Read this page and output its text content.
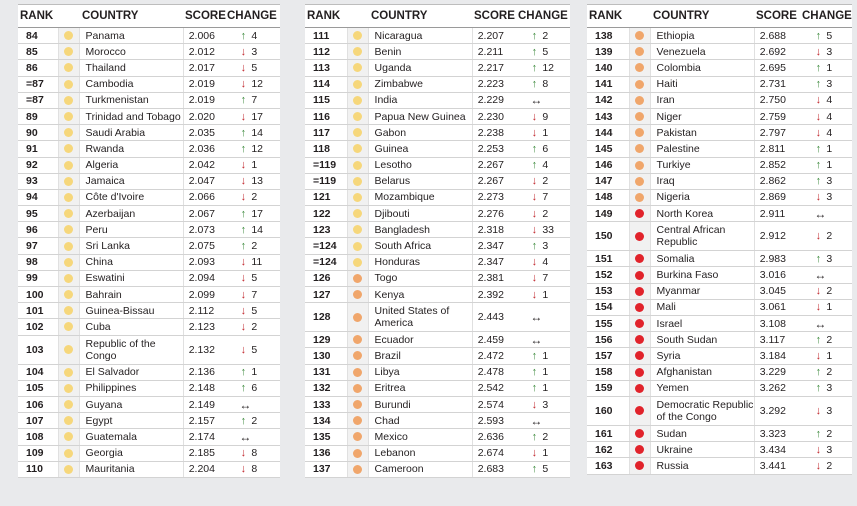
RANK	COUNTRY	SCORE CHANGE
84	Panama	2.006	↑ 4
85	Morocco	2.012	↓ 3
86	Thailand	2.017	↓ 5
=87	Cambodia	2.019	↓ 12
=87	Turkmenistan	2.019	↑ 7
89	Trinidad and Tobago 2.020	↓ 17
90	Saudi Arabia	2.035	↑ 14
91	Rwanda	2.036	↑ 12
92	Algeria	2.042	↓ 1
93	Jamaica	2.047	↓ 13
94	Côte d'Ivoire	2.066	↓ 2
95	Azerbaijan	2.067	↑ 17
96	Peru	2.073	↑ 14
97	Sri Lanka	2.075	↑ 2
98	China	2.093	↓ 11
99	Eswatini	2.094	↓ 5
100	Bahrain	2.099	↓ 7
101	Guinea-Bissau	2.112	↓ 5
102	Cuba	2.123	↓ 2
103	Republic of the Congo	2.132	↓ 5
104	El Salvador	2.136	↑ 1
105	Philippines	2.148	↑ 6
106	Guyana	2.149	↔
107	Egypt	2.157	↑ 2
108	Guatemala	2.174	↔
109	Georgia	2.185	↓ 8
110	Mauritania	2.204	↓ 8
RANK	COUNTRY	SCORE CHANGE
111	Nicaragua	2.207	↑ 2
112	Benin	2.211	↑ 5
113	Uganda	2.217	↑ 12
114	Zimbabwe	2.223	↑ 8
115	India	2.229	↔
116	Papua New Guinea	2.230	↓ 9
117	Gabon	2.238	↓ 1
118	Guinea	2.253	↑ 6
=119	Lesotho	2.267	↑ 4
=119	Belarus	2.267	↓ 2
121	Mozambique	2.273	↓ 7
122	Djibouti	2.276	↓ 2
123	Bangladesh	2.318	↓ 33
=124	South Africa	2.347	↑ 3
=124	Honduras	2.347	↓ 4
126	Togo	2.381	↓ 7
127	Kenya	2.392	↓ 1
128	United States of America	2.443	↔
129	Ecuador	2.459	↔
130	Brazil	2.472	↑ 1
131	Libya	2.478	↑ 1
132	Eritrea	2.542	↑ 1
133	Burundi	2.574	↓ 3
134	Chad	2.593	↔
135	Mexico	2.636	↑ 2
136	Lebanon	2.674	↓ 1
137	Cameroon	2.683	↑ 5
RANK	COUNTRY	SCORE CHANGE
138	Ethiopia	2.688	↑ 5
139	Venezuela	2.692	↓ 3
140	Colombia	2.695	↑ 1
141	Haiti	2.731	↑ 3
142	Iran	2.750	↓ 4
143	Niger	2.759	↓ 4
144	Pakistan	2.797	↓ 4
145	Palestine	2.811	↑ 1
146	Turkiye	2.852	↑ 1
147	Iraq	2.862	↑ 3
148	Nigeria	2.869	↓ 3
149	North Korea	2.911	↔
150	Central African Republic	2.912	↓ 2
151	Somalia	2.983	↑ 3
152	Burkina Faso	3.016	↔
153	Myanmar	3.045	↓ 2
154	Mali	3.061	↓ 1
155	Israel	3.108	↔
156	South Sudan	3.117	↑ 2
157	Syria	3.184	↓ 1
158	Afghanistan	3.229	↑ 2
159	Yemen	3.262	↑ 3
160	Democratic Republic of the Congo	3.292	↓ 3
161	Sudan	3.323	↑ 2
162	Ukraine	3.434	↓ 3
163	Russia	3.441	↓ 2
